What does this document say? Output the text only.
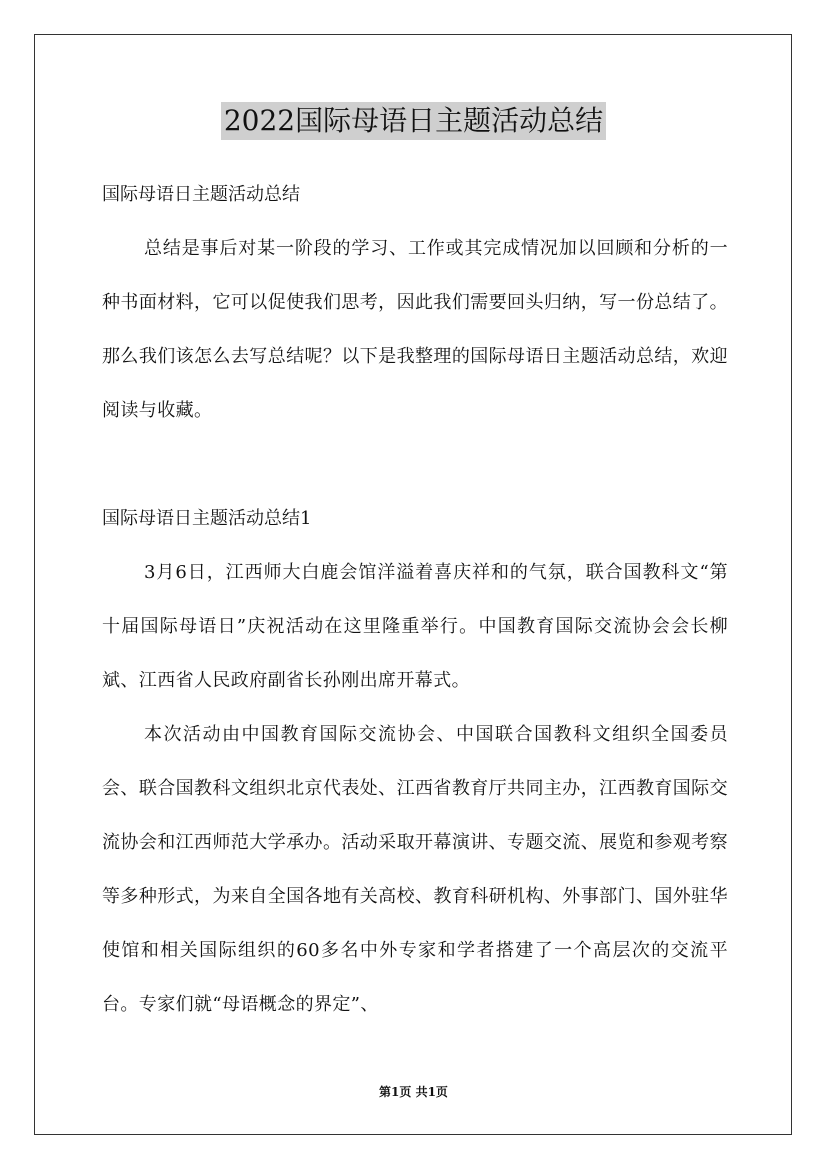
2022国际母语日主题活动总结

国际母语日主题活动总结

总结是事后对某一阶段的学习、工作或其完成情况加以回顾和分析的一种书面材料，它可以促使我们思考，因此我们需要回头归纳，写一份总结了。那么我们该怎么去写总结呢？以下是我整理的国际母语日主题活动总结，欢迎阅读与收藏。

国际母语日主题活动总结1

3月6日，江西师大白鹿会馆洋溢着喜庆祥和的气氛，联合国教科文“第十届国际母语日”庆祝活动在这里隆重举行。中国教育国际交流协会会长柳斌、江西省人民政府副省长孙刚出席开幕式。

本次活动由中国教育国际交流协会、中国联合国教科文组织全国委员会、联合国教科文组织北京代表处、江西省教育厅共同主办，江西教育国际交流协会和江西师范大学承办。活动采取开幕演讲、专题交流、展览和参观考察等多种形式，为来自全国各地有关高校、教育科研机构、外事部门、国外驻华使馆和相关国际组织的60多名中外专家和学者搭建了一个高层次的交流平台。专家们就“母语概念的界定”、

第1页 共1页
